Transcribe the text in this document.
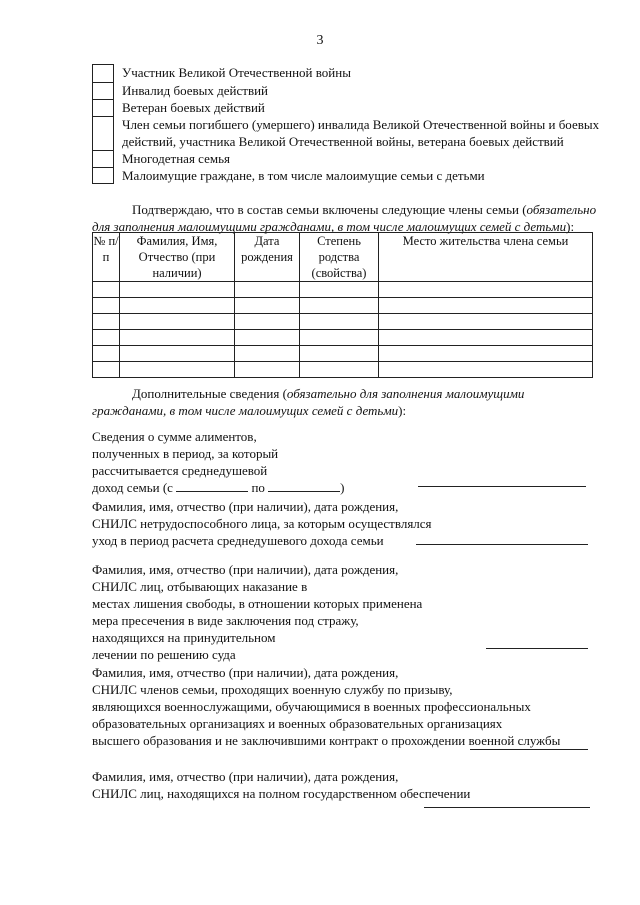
3
Участник Великой Отечественной войны
Инвалид боевых действий
Ветеран боевых действий
Член семьи погибшего (умершего) инвалида Великой Отечественной войны и боевых действий, участника Великой Отечественной войны, ветерана боевых действий
Многодетная семья
Малоимущие граждане, в том числе малоимущие семьи с детьми
Подтверждаю, что в состав семьи включены следующие члены семьи (обязательно для заполнения малоимущими гражданами, в том числе малоимущих семей с детьми):
№ п/п	Фамилия, Имя, Отчество (при наличии)	Дата рождения	Степень родства (свойства)	Место жительства члена семьи

Дополнительные сведения (обязательно для заполнения малоимущими гражданами, в том числе малоимущих семей с детьми):
Сведения о сумме алиментов,
полученных в период, за который
рассчитывается среднедушевой
доход семьи (с	по	)
Фамилия, имя, отчество (при наличии), дата рождения,
СНИЛС нетрудоспособного лица, за которым осуществлялся
уход в период расчета среднедушевого дохода семьи
Фамилия, имя, отчество (при наличии), дата рождения,
СНИЛС лиц, отбывающих наказание в
местах лишения свободы, в отношении которых применена
мера пресечения в виде заключения под стражу,
находящихся на принудительном
лечении по решению суда
Фамилия, имя, отчество (при наличии), дата рождения,
СНИЛС членов семьи, проходящих военную службу по призыву,
являющихся военнослужащими, обучающимися в военных профессиональных
образовательных организациях и военных образовательных организациях
высшего образования и не заключившими контракт о прохождении военной службы
Фамилия, имя, отчество (при наличии), дата рождения,
СНИЛС лиц, находящихся на полном государственном обеспечении
